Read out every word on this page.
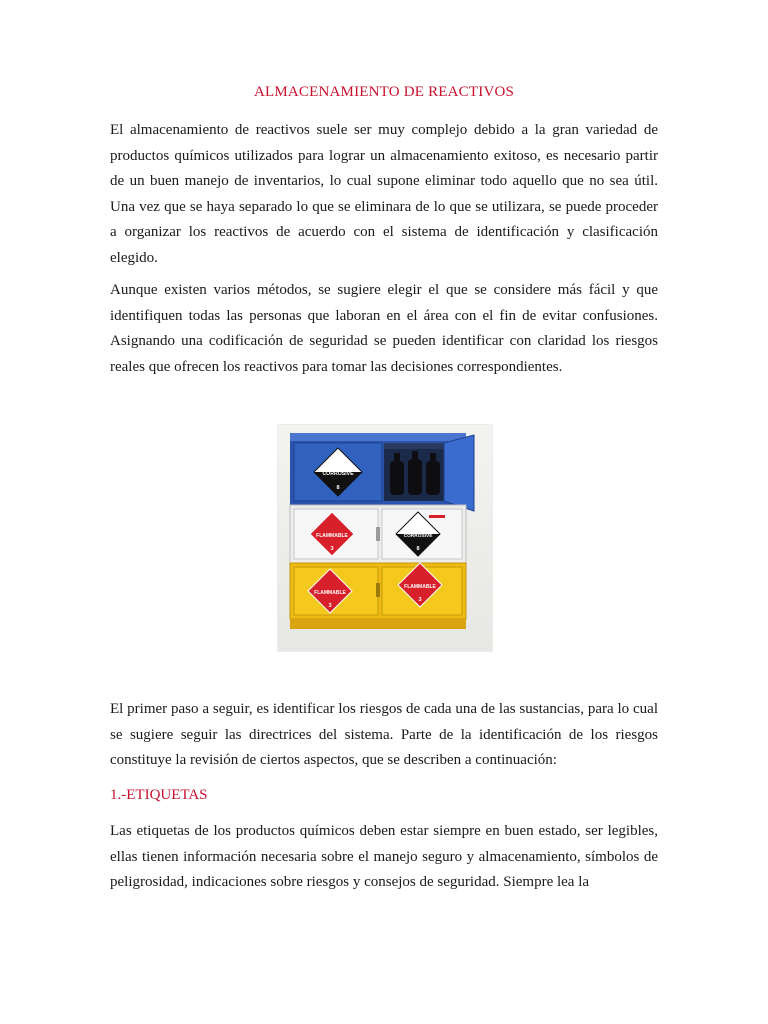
ALMACENAMIENTO DE REACTIVOS

El almacenamiento de reactivos suele ser muy complejo debido a la gran variedad de productos químicos utilizados para lograr un almacenamiento exitoso, es necesario partir de un buen manejo de inventarios, lo cual supone eliminar todo aquello que no sea útil. Una vez que se haya separado lo que se eliminara de lo que se utilizara, se puede proceder a organizar los reactivos de acuerdo con el sistema de identificación y clasificación elegido.

Aunque existen varios métodos, se sugiere elegir el que se considere más fácil y que identifiquen todas las personas que laboran en el área con el fin de evitar confusiones. Asignando una codificación de seguridad se pueden identificar con claridad los riesgos reales que ofrecen los reactivos para tomar las decisiones correspondientes.

CORROSIVE
8
FLAMMABLE
3
CORROSIVE
8
FLAMMABLE
3
FLAMMABLE
3

El primer paso a seguir, es identificar los riesgos de cada una de las sustancias, para lo cual se sugiere seguir las directrices del sistema. Parte de la identificación de los riesgos constituye la revisión de ciertos aspectos, que se describen a continuación:

1.-ETIQUETAS

Las etiquetas de los productos químicos deben estar siempre en buen estado, ser legibles, ellas tienen información necesaria sobre el manejo seguro y almacenamiento, símbolos de peligrosidad, indicaciones sobre riesgos y consejos de seguridad. Siempre lea la
